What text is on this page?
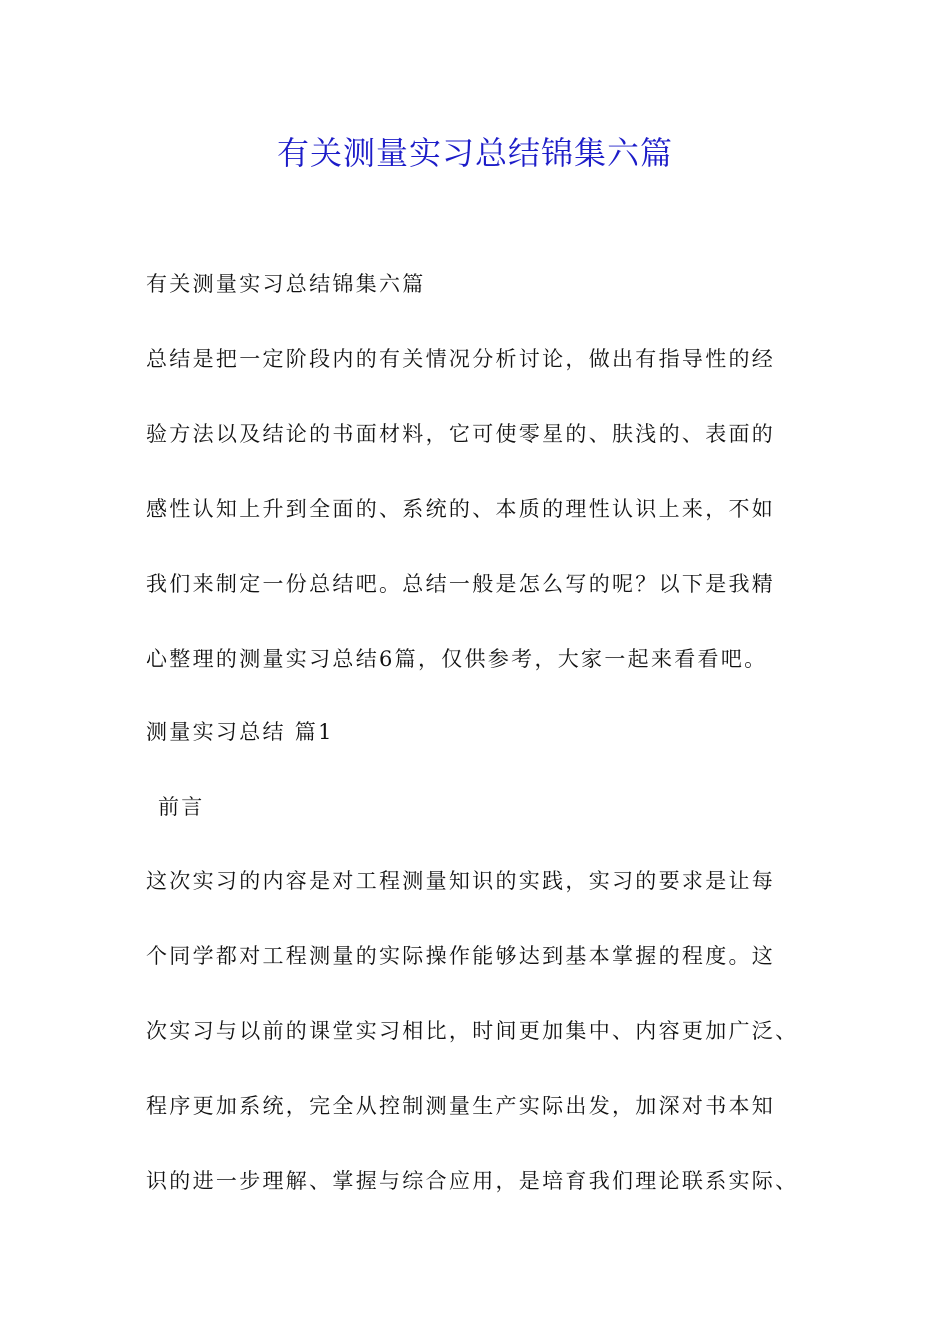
有关测量实习总结锦集六篇

有关测量实习总结锦集六篇

总结是把一定阶段内的有关情况分析讨论，做出有指导性的经

验方法以及结论的书面材料，它可使零星的、肤浅的、表面的

感性认知上升到全面的、系统的、本质的理性认识上来，不如

我们来制定一份总结吧。总结一般是怎么写的呢？以下是我精

心整理的测量实习总结6篇，仅供参考，大家一起来看看吧。

测量实习总结 篇1

前言

这次实习的内容是对工程测量知识的实践，实习的要求是让每

个同学都对工程测量的实际操作能够达到基本掌握的程度。这

次实习与以前的课堂实习相比，时间更加集中、内容更加广泛、

程序更加系统，完全从控制测量生产实际出发，加深对书本知

识的进一步理解、掌握与综合应用，是培育我们理论联系实际、
